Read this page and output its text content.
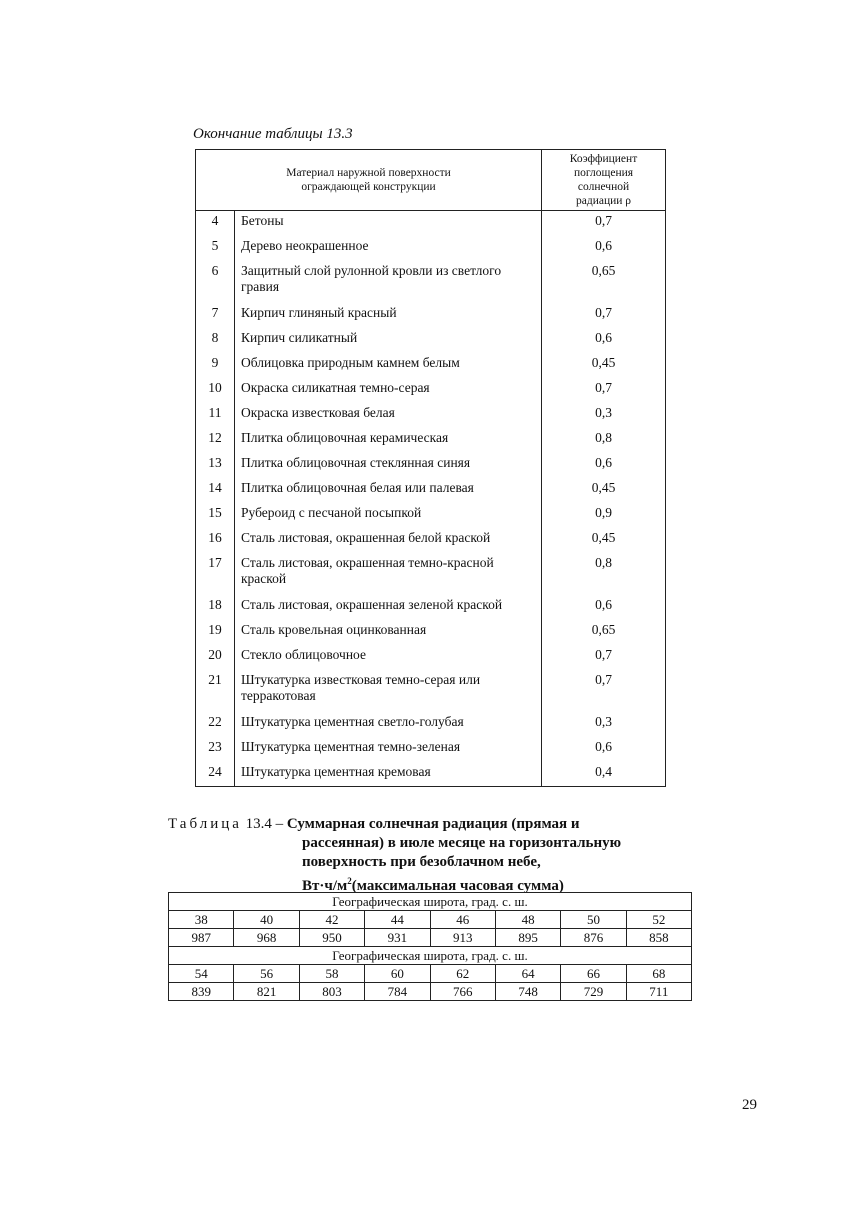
Окончание таблицы 13.3
Материал наружной поверхности ограждающей конструкции		Коэффициент поглощения солнечной радиации ρ

4	Бетоны	0,7
5	Дерево неокрашенное	0,6
6	Защитный слой рулонной кровли из светлого гравия	0,65
7	Кирпич глиняный красный	0,7
8	Кирпич силикатный	0,6
9	Облицовка природным камнем белым	0,45
10	Окраска силикатная темно-серая	0,7
11	Окраска известковая белая	0,3
12	Плитка облицовочная керамическая	0,8
13	Плитка облицовочная стеклянная синяя	0,6
14	Плитка облицовочная белая или палевая	0,45
15	Рубероид с песчаной посыпкой	0,9
16	Сталь листовая, окрашенная белой краской	0,45
17	Сталь листовая, окрашенная темно-красной краской	0,8
18	Сталь листовая, окрашенная зеленой краской	0,6
19	Сталь кровельная оцинкованная	0,65
20	Стекло облицовочное	0,7
21	Штукатурка известковая темно-серая или терракотовая	0,7
22	Штукатурка цементная светло-голубая	0,3
23	Штукатурка цементная темно-зеленая	0,6
24	Штукатурка цементная кремовая	0,4
Таблица 13.4 – Суммарная солнечная радиация (прямая и
рассеянная) в июле месяце на горизонтальную
поверхность при безоблачном небе,
$Вт\cdot ч/м^2(максимальная$ часовая сумма)
Географическая широта, град. с. ш.							
38	40	42	44	46	48	50	52
987	968	950	931	913	895	876	858
Географическая широта, град. с. ш.							
54	56	58	60	62	64	66	68
839	821	803	784	766	748	729	711
29
